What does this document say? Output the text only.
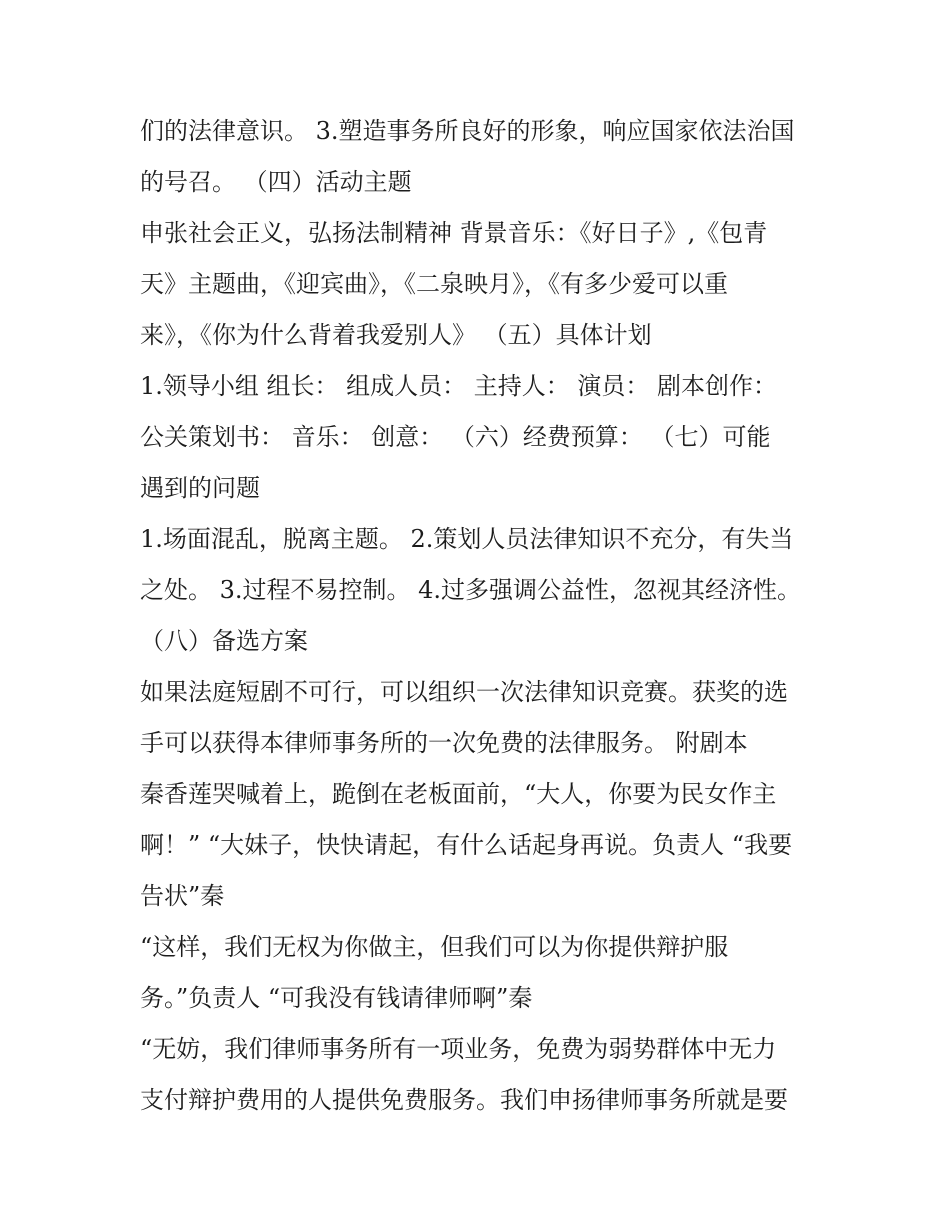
们的法律意识。 3.塑造事务所良好的形象，响应国家依法治国
的号召。 （四）活动主题
申张社会正义，弘扬法制精神 背景音乐：《好日子》,《包青
天》主题曲，《迎宾曲》，《二泉映月》，《有多少爱可以重
来》，《你为什么背着我爱别人》 （五）具体计划
1.领导小组 组长： 组成人员： 主持人： 演员： 剧本创作：
公关策划书： 音乐： 创意： （六）经费预算： （七）可能
遇到的问题
1.场面混乱，脱离主题。 2.策划人员法律知识不充分，有失当
之处。 3.过程不易控制。 4.过多强调公益性，忽视其经济性。
（八）备选方案
如果法庭短剧不可行，可以组织一次法律知识竞赛。获奖的选
手可以获得本律师事务所的一次免费的法律服务。 附剧本
秦香莲哭喊着上，跪倒在老板面前，“大人，你要为民女作主
啊！” “大妹子，快快请起，有什么话起身再说。负责人 “我要
告状”秦
“这样，我们无权为你做主，但我们可以为你提供辩护服
务。”负责人 “可我没有钱请律师啊”秦
“无妨，我们律师事务所有一项业务，免费为弱势群体中无力
支付辩护费用的人提供免费服务。我们申扬律师事务所就是要
